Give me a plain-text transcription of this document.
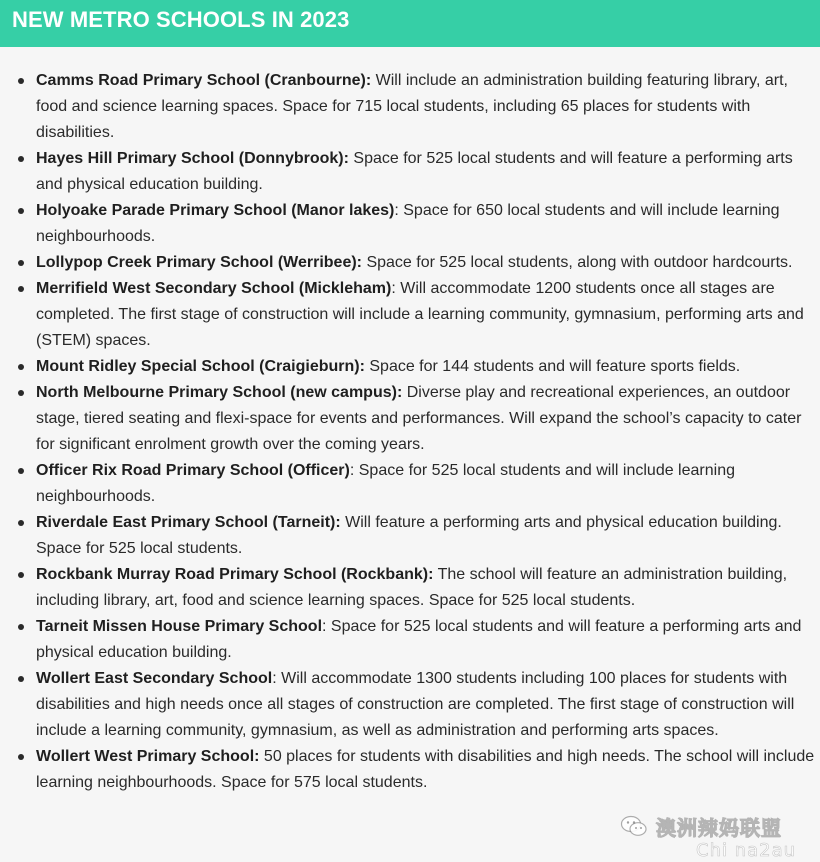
NEW METRO SCHOOLS IN 2023
Camms Road Primary School (Cranbourne): Will include an administration building featuring library, art, food and science learning spaces. Space for 715 local students, including 65 places for students with disabilities.
Hayes Hill Primary School (Donnybrook): Space for 525 local students and will feature a performing arts and physical education building.
Holyoake Parade Primary School (Manor lakes): Space for 650 local students and will include learning neighbourhoods.
Lollypop Creek Primary School (Werribee): Space for 525 local students, along with outdoor hardcourts.
Merrifield West Secondary School (Mickleham): Will accommodate 1200 students once all stages are completed. The first stage of construction will include a learning community, gymnasium, performing arts and (STEM) spaces.
Mount Ridley Special School (Craigieburn): Space for 144 students and will feature sports fields.
North Melbourne Primary School (new campus): Diverse play and recreational experiences, an outdoor stage, tiered seating and flexi-space for events and performances. Will expand the school’s capacity to cater for significant enrolment growth over the coming years.
Officer Rix Road Primary School (Officer): Space for 525 local students and will include learning neighbourhoods.
Riverdale East Primary School (Tarneit): Will feature a performing arts and physical education building. Space for 525 local students.
Rockbank Murray Road Primary School (Rockbank): The school will feature an administration building, including library, art, food and science learning spaces. Space for 525 local students.
Tarneit Missen House Primary School: Space for 525 local students and will feature a performing arts and physical education building.
Wollert East Secondary School: Will accommodate 1300 students including 100 places for students with disabilities and high needs once all stages of construction are completed. The first stage of construction will include a learning community, gymnasium, as well as administration and performing arts spaces.
Wollert West Primary School: 50 places for students with disabilities and high needs. The school will include learning neighbourhoods. Space for 575 local students.
澳洲辣妈联盟
Chi na2au
